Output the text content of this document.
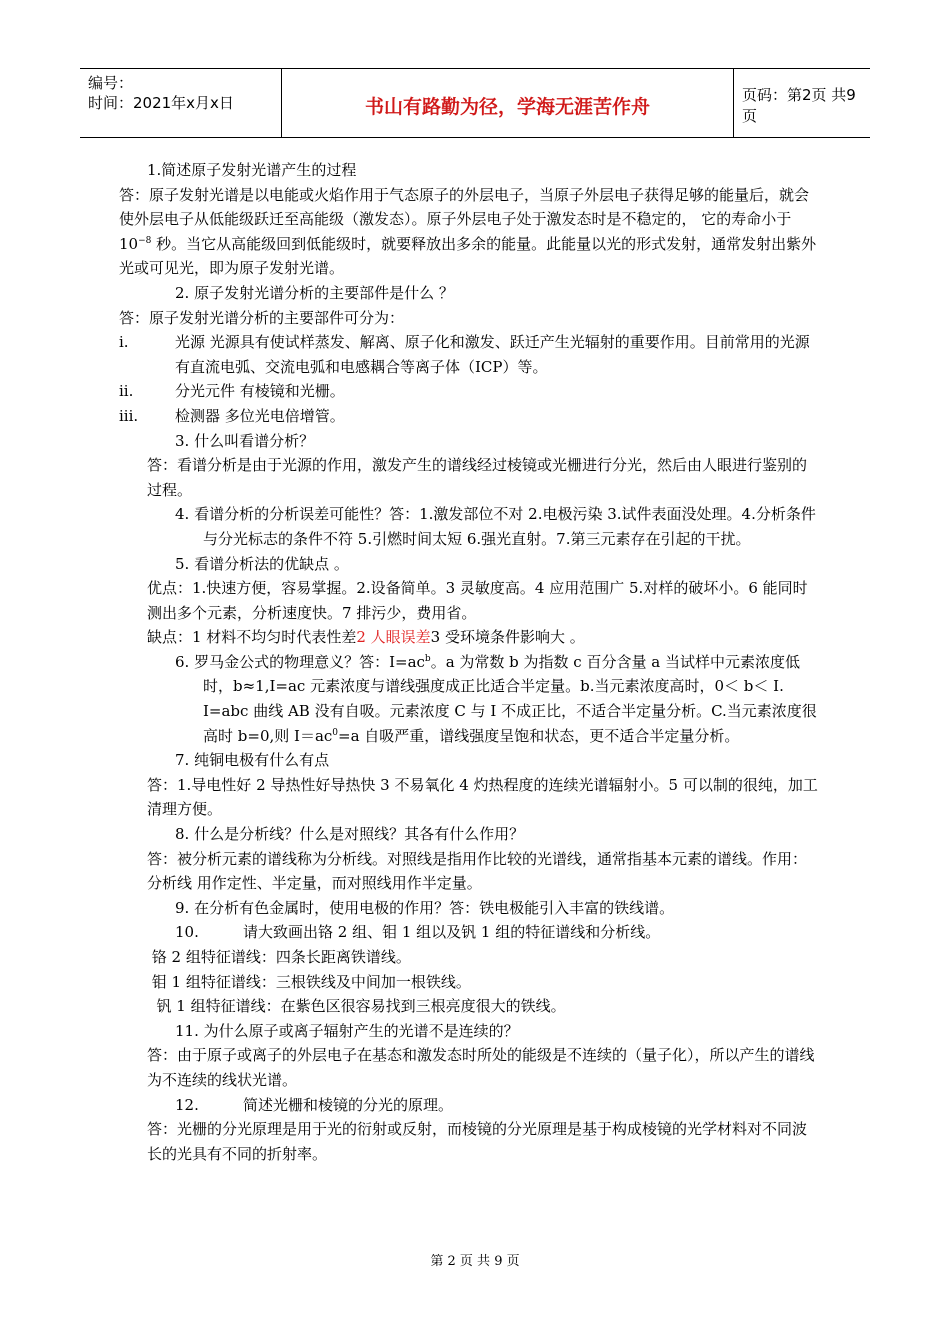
编号：
时间：2021年x月x日	书山有路勤为径，学海无涯苦作舟
页码：第2页 共9页

1.简述原子发射光谱产生的过程

答：原子发射光谱是以电能或火焰作用于气态原子的外层电子，当原子外层电子获得足够的能量后，就会使外层电子从低能级跃迁至高能级（激发态）。原子外层电子处于激发态时是不稳定的， 它的寿命小于 $10^{-8}$ 秒。当它从高能级回到低能级时，就要释放出多余的能量。此能量以光的形式发射，通常发射出紫外光或可见光，即为原子发射光谱。

2. 原子发射光谱分析的主要部件是什么 ？

答：原子发射光谱分析的主要部件可分为：

i.	光源 光源具有使试样蒸发、解离、原子化和激发、跃迁产生光辐射的重要作用。目前常用的光源有直流电弧、交流电弧和电感耦合等离子体（ICP）等。
ii.	分光元件 有棱镜和光栅。
iii.	检测器 多位光电倍增管。

3. 什么叫看谱分析？

答：看谱分析是由于光源的作用，激发产生的谱线经过棱镜或光栅进行分光，然后由人眼进行鉴别的过程。

4. 看谱分析的分析误差可能性？答：1.激发部位不对 2.电极污染 3.试件表面没处理。4.分析条件与分光标志的条件不符 5.引燃时间太短 6.强光直射。7.第三元素存在引起的干扰。

5. 看谱分析法的优缺点 。

优点：1.快速方便，容易掌握。2.设备简单。3 灵敏度高。4 应用范围广 5.对样的破坏小。6 能同时测出多个元素，分析速度快。7 排污少，费用省。

缺点：1 材料不均匀时代表性差2 人眼误差3 受环境条件影响大 。

6. 罗马金公式的物理意义？答：$I=ac^b$。a 为常数 b 为指数 c 百分含量 a 当试样中元素浓度低时，b≈1,I=ac 元素浓度与谱线强度成正比适合半定量。b.当元素浓度高时，0＜ b＜ I. I=abc 曲线 AB 没有自吸。元素浓度 C 与 I 不成正比，不适合半定量分析。C.当元素浓度很高时 b=0,则 $I=ac^0=a$ 自吸严重，谱线强度呈饱和状态，更不适合半定量分析。

7. 纯铜电极有什么有点

答：1.导电性好 2 导热性好导热快 3 不易氧化 4 灼热程度的连续光谱辐射小。5 可以制的很纯，加工清理方便。

8. 什么是分析线？什么是对照线？其各有什么作用？

答：被分析元素的谱线称为分析线。对照线是指用作比较的光谱线，通常指基本元素的谱线。作用：分析线 用作定性、半定量，而对照线用作半定量。

9. 在分析有色金属时，使用电极的作用？答：铁电极能引入丰富的铁线谱。

10.	请大致画出铬 2 组、钼 1 组以及钒 1 组的特征谱线和分析线。

铬 2 组特征谱线：四条长距离铁谱线。

钼 1 组特征谱线：三根铁线及中间加一根铁线。

钒 1 组特征谱线：在紫色区很容易找到三根亮度很大的铁线。

11. 为什么原子或离子辐射产生的光谱不是连续的？

答：由于原子或离子的外层电子在基态和激发态时所处的能级是不连续的（量子化），所以产生的谱线为不连续的线状光谱。

12.	简述光栅和棱镜的分光的原理。

答：光栅的分光原理是用于光的衍射或反射，而棱镜的分光原理是基于构成棱镜的光学材料对不同波长的光具有不同的折射率。

第 2 页 共 9 页
